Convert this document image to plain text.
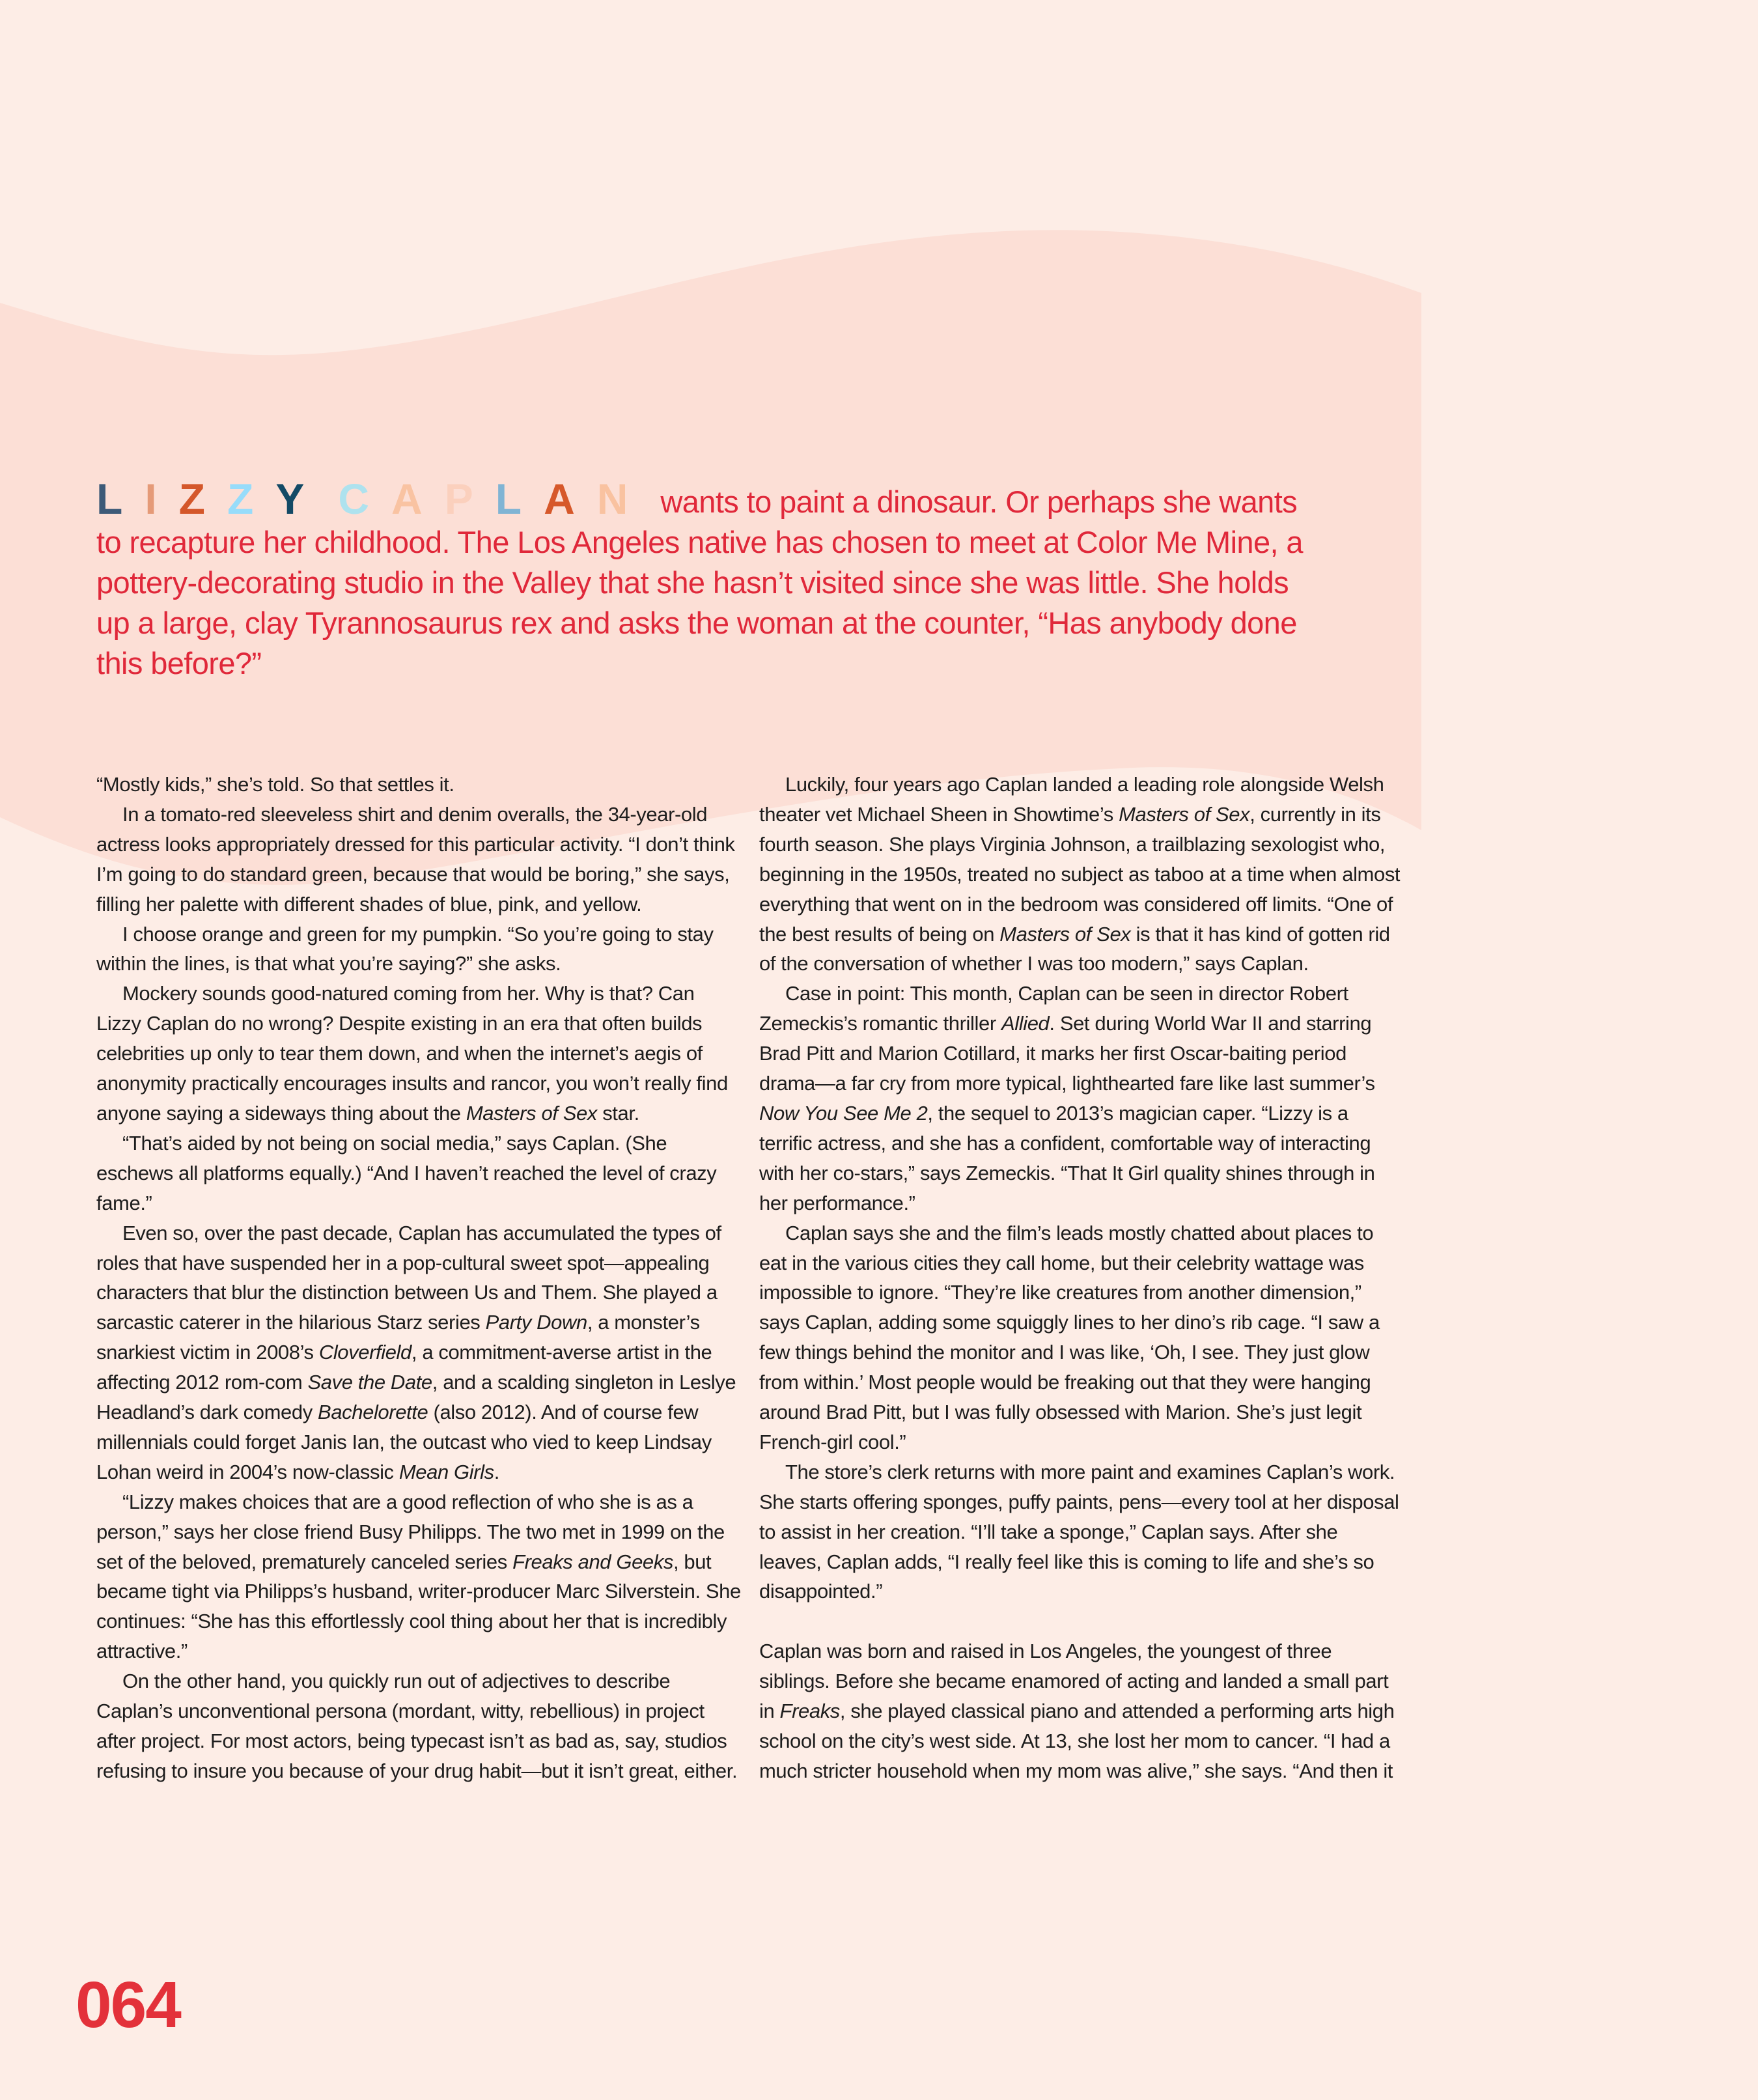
L I Z Z Y C A P L A N wants to paint a dinosaur. Or perhaps she wants to recapture her childhood. The Los Angeles native has chosen to meet at Color Me Mine, a pottery-decorating studio in the Valley that she hasn’t visited since she was little. She holds up a large, clay Tyrannosaurus rex and asks the woman at the counter, “Has anybody done this before?”

“Mostly kids,” she’s told. So that settles it.

In a tomato-red sleeveless shirt and denim overalls, the 34-year-old actress looks appropriately dressed for this particular activity. “I don’t think I’m going to do standard green, because that would be boring,” she says, filling her palette with different shades of blue, pink, and yellow.

I choose orange and green for my pumpkin. “So you’re going to stay within the lines, is that what you’re saying?” she asks.

Mockery sounds good-natured coming from her. Why is that? Can Lizzy Caplan do no wrong? Despite existing in an era that often builds celebrities up only to tear them down, and when the internet’s aegis of anonymity practically encourages insults and rancor, you won’t really find anyone saying a sideways thing about the Masters of Sex star.

“That’s aided by not being on social media,” says Caplan. (She eschews all platforms equally.) “And I haven’t reached the level of crazy fame.”

Even so, over the past decade, Caplan has accumulated the types of roles that have suspended her in a pop-cultural sweet spot—appealing characters that blur the distinction between Us and Them. She played a sarcastic caterer in the hilarious Starz series Party Down, a monster’s snarkiest victim in 2008’s Cloverfield, a commitment-averse artist in the affecting 2012 rom-com Save the Date, and a scalding singleton in Leslye Headland’s dark comedy Bachelorette (also 2012). And of course few millennials could forget Janis Ian, the outcast who vied to keep Lindsay Lohan weird in 2004’s now-classic Mean Girls.

“Lizzy makes choices that are a good reflection of who she is as a person,” says her close friend Busy Philipps. The two met in 1999 on the set of the beloved, prematurely canceled series Freaks and Geeks, but became tight via Philipps’s husband, writer-producer Marc Silverstein. She continues: “She has this effortlessly cool thing about her that is incredibly attractive.”

On the other hand, you quickly run out of adjectives to describe Caplan’s unconventional persona (mordant, witty, rebellious) in project after project. For most actors, being typecast isn’t as bad as, say, studios refusing to insure you because of your drug habit—but it isn’t great, either.

Luckily, four years ago Caplan landed a leading role alongside Welsh theater vet Michael Sheen in Showtime’s Masters of Sex, currently in its fourth season. She plays Virginia Johnson, a trailblazing sexologist who, beginning in the 1950s, treated no subject as taboo at a time when almost everything that went on in the bedroom was considered off limits. “One of the best results of being on Masters of Sex is that it has kind of gotten rid of the conversation of whether I was too modern,” says Caplan.

Case in point: This month, Caplan can be seen in director Robert Zemeckis’s romantic thriller Allied. Set during World War II and starring Brad Pitt and Marion Cotillard, it marks her first Oscar-baiting period drama—a far cry from more typical, lighthearted fare like last summer’s Now You See Me 2, the sequel to 2013’s magician caper. “Lizzy is a terrific actress, and she has a confident, comfortable way of interacting with her co-stars,” says Zemeckis. “That It Girl quality shines through in her performance.”

Caplan says she and the film’s leads mostly chatted about places to eat in the various cities they call home, but their celebrity wattage was impossible to ignore. “They’re like creatures from another dimension,” says Caplan, adding some squiggly lines to her dino’s rib cage. “I saw a few things behind the monitor and I was like, ‘Oh, I see. They just glow from within.’ Most people would be freaking out that they were hanging around Brad Pitt, but I was fully obsessed with Marion. She’s just legit French-girl cool.”

The store’s clerk returns with more paint and examines Caplan’s work. She starts offering sponges, puffy paints, pens—every tool at her disposal to assist in her creation. “I’ll take a sponge,” Caplan says. After she leaves, Caplan adds, “I really feel like this is coming to life and she’s so disappointed.”

Caplan was born and raised in Los Angeles, the youngest of three siblings. Before she became enamored of acting and landed a small part in Freaks, she played classical piano and attended a performing arts high school on the city’s west side. At 13, she lost her mom to cancer. “I had a much stricter household when my mom was alive,” she says. “And then it

064
